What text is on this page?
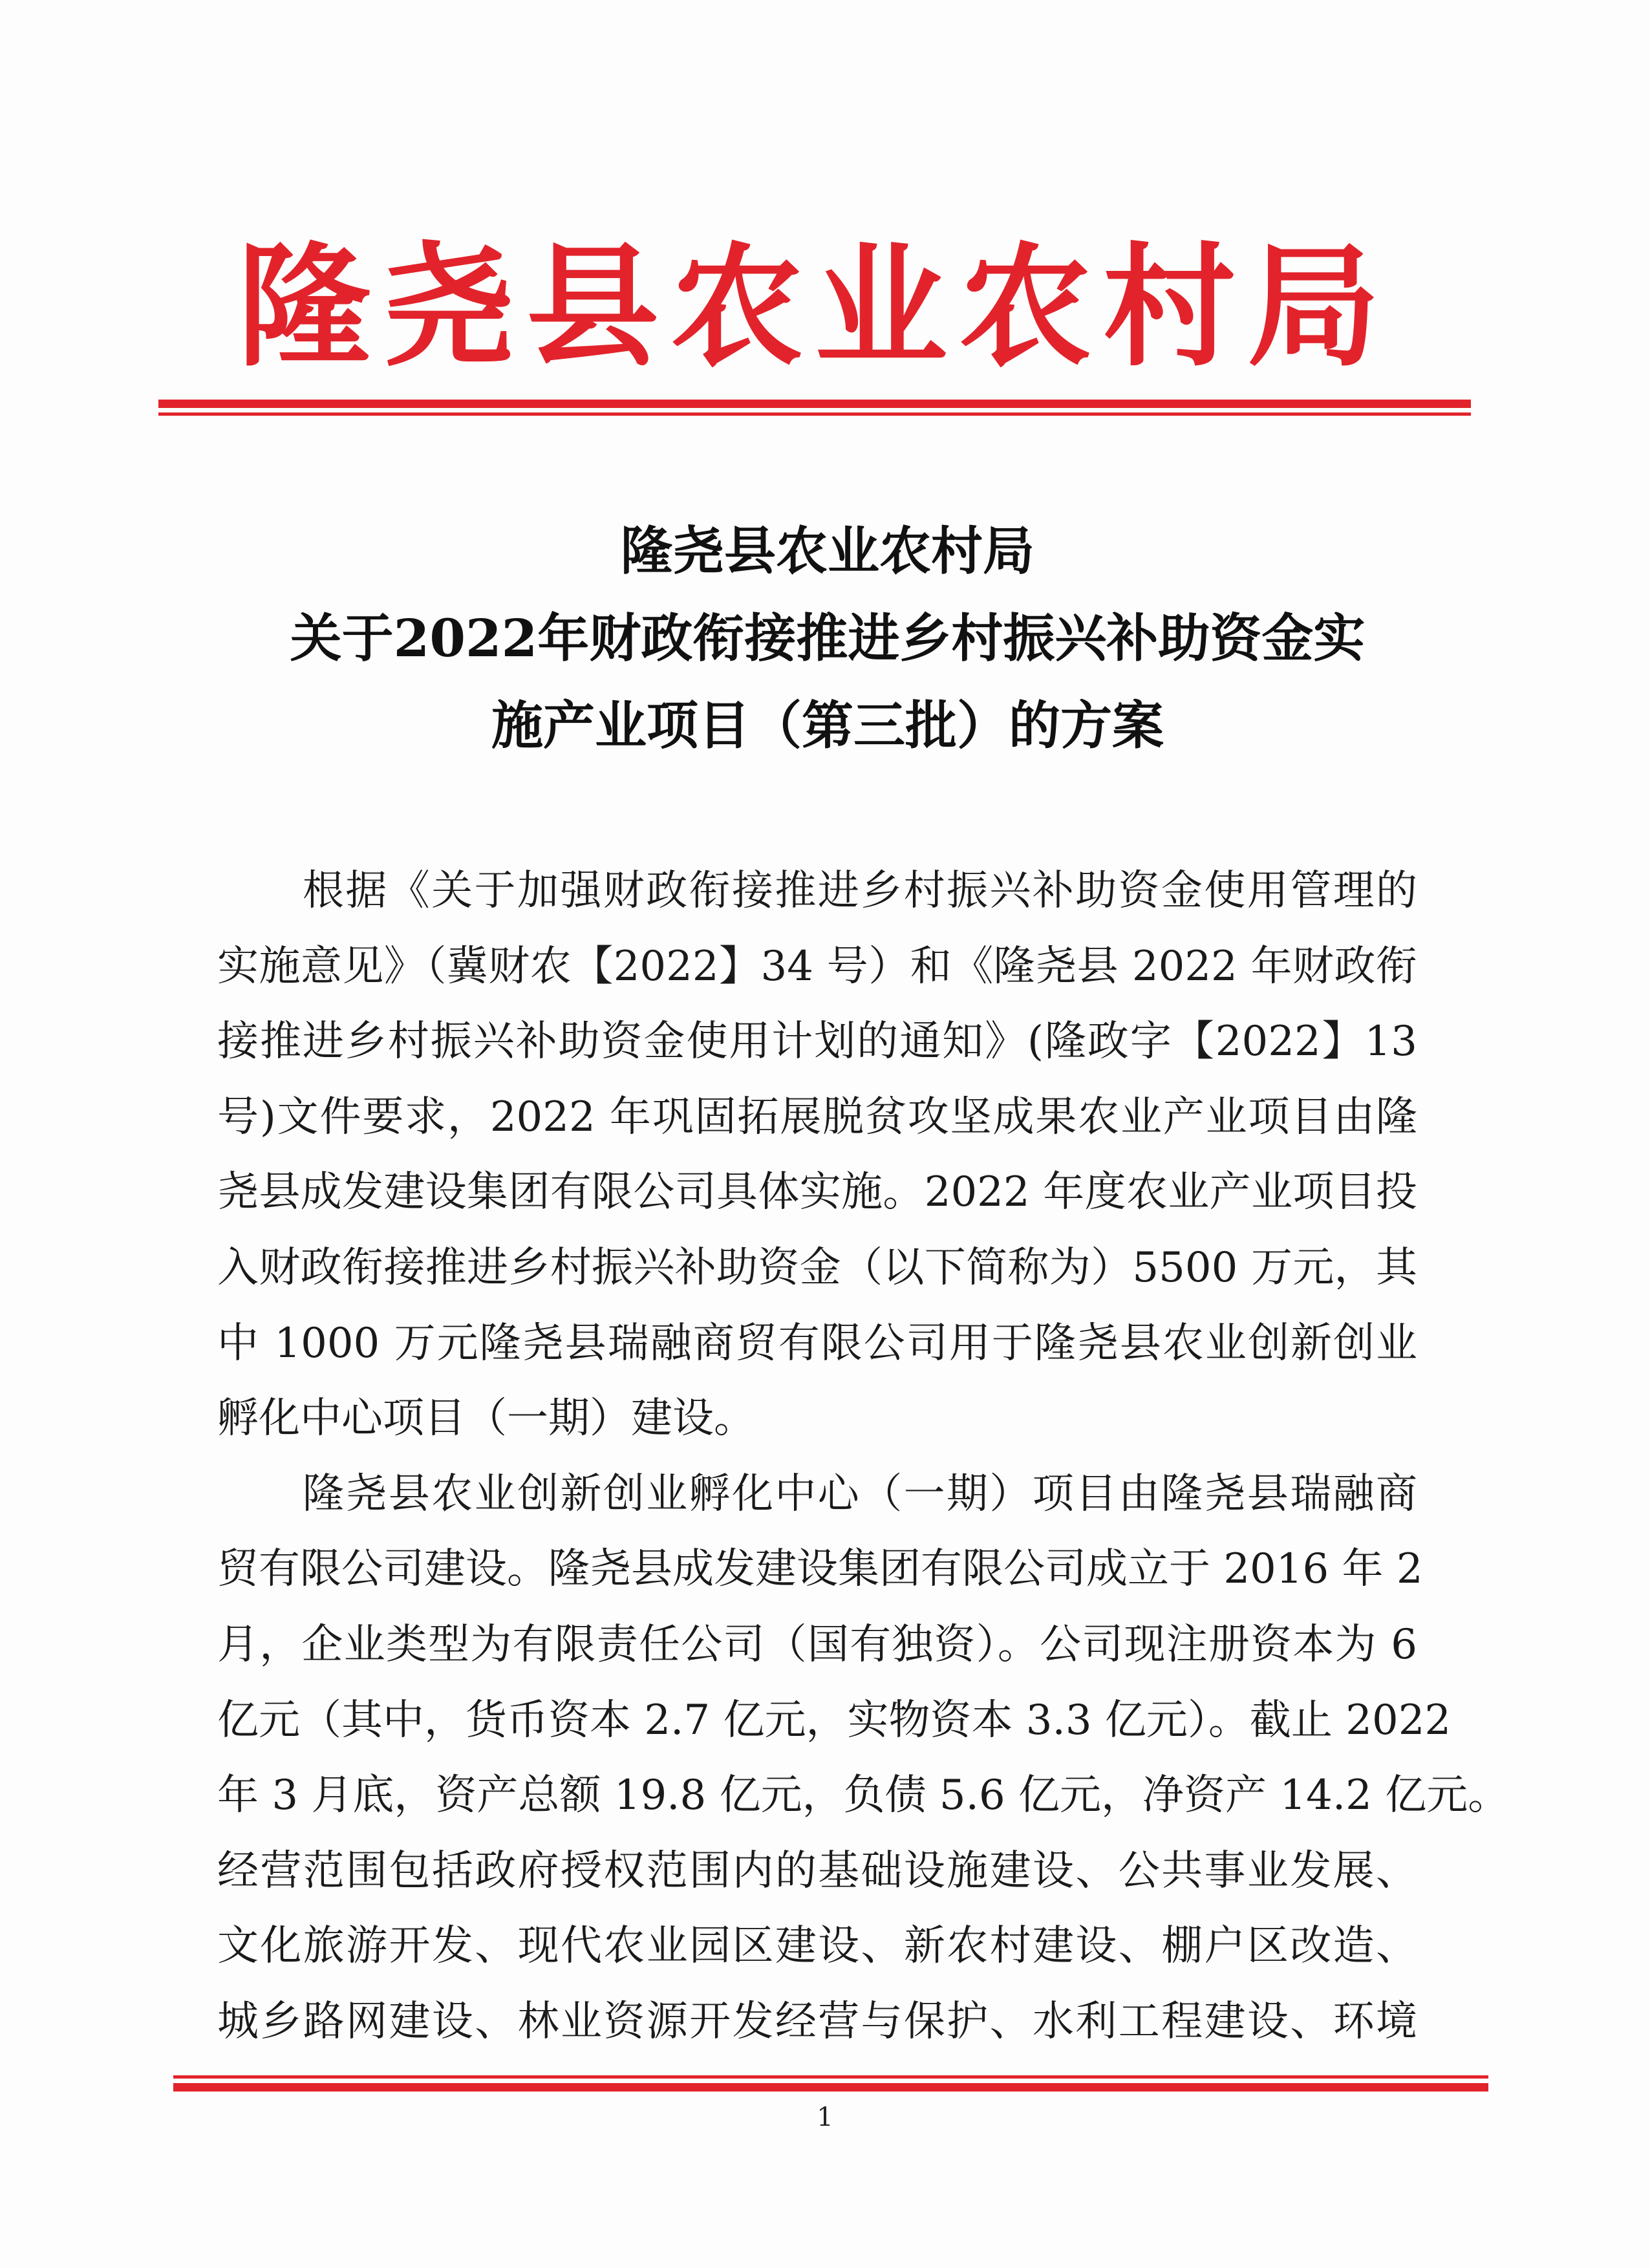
隆尧县农业农村局
隆尧县农业农村局
关于2022年财政衔接推进乡村振兴补助资金实
施产业项目（第三批）的方案
根据《关于加强财政衔接推进乡村振兴补助资金使用管理的
实施意见》（冀财农【2022】34 号）和《隆尧县 2022 年财政衔
接推进乡村振兴补助资金使用计划的通知》(隆政字【2022】13
号)文件要求，2022 年巩固拓展脱贫攻坚成果农业产业项目由隆
尧县成发建设集团有限公司具体实施。2022 年度农业产业项目投
入财政衔接推进乡村振兴补助资金（以下简称为）5500 万元，其
中 1000 万元隆尧县瑞融商贸有限公司用于隆尧县农业创新创业
孵化中心项目（一期）建设。
隆尧县农业创新创业孵化中心（一期）项目由隆尧县瑞融商
贸有限公司建设。隆尧县成发建设集团有限公司成立于 2016 年 2
月，企业类型为有限责任公司（国有独资）。公司现注册资本为 6
亿元（其中，货币资本 2.7 亿元，实物资本 3.3 亿元）。截止 2022
年 3 月底，资产总额 19.8 亿元，负债 5.6 亿元，净资产 14.2 亿元。
经营范围包括政府授权范围内的基础设施建设、公共事业发展、
文化旅游开发、现代农业园区建设、新农村建设、棚户区改造、
城乡路网建设、林业资源开发经营与保护、水利工程建设、环境
1
